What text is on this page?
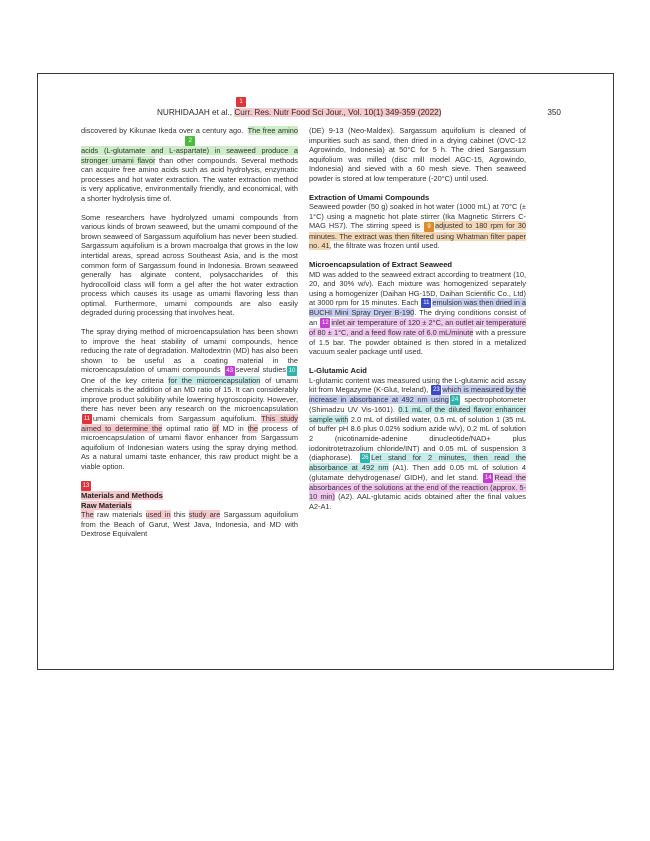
1
NURHIDAJAH et al., Curr. Res. Nutr Food Sci Jour., Vol. 10(1) 349-359 (2022)	350

discovered by Kikunae Ikeda over a century ago.2 The free amino acids (L-glutamate and L-aspartate) in seaweed produce a stronger umami flavor than other compounds. Several methods can acquire free amino acids such as acid hydrolysis, enzymatic processes and hot water extraction. The water extraction method is very applicative, environmentally friendly, and economical, with a shorter hydrolysis time of.

Some researchers have hydrolyzed umami compounds from various kinds of brown seaweed, but the umami compound of the brown seaweed of Sargassum aquifolium has never been studied. Sargassum aquifolium is a brown macroalga that grows in the low intertidal areas, spread across Southeast Asia, and is the most common form of Sargassum found in Indonesia. Brown seaweed generally has alginate content, polysaccharides of this hydrocolloid class will form a gel after the hot water extraction process which causes its usage as umami flavoring less than optimal. Furthermore, umami compounds are also easily degraded during processing that involves heat.

The spray drying method of microencapsulation has been shown to improve the heat stability of umami compounds, hence reducing the rate of degradation. Maltodextrin (MD) has also been shown to be useful as a coating material in the microencapsulation of umami compounds 43 several studies 10 One of the key criteria for the microencapsulation of umami chemicals is the addition of an MD ratio of 15. It can considerably improve product solubility while lowering hygroscopicity. However, there has never been any research on the microencapsulation 11 umami chemicals from Sargassum aquifolium. This study aimed to determine the optimal ratio of MD in the process of microencapsulation of umami flavor enhancer from Sargassum aquifolium of Indonesian waters using the spray drying method. As a natural umami taste enhancer, this raw product might be a viable option.

13
Materials and Methods
Raw Materials

The raw materials used in this study are Sargassum aquifolium from the Beach of Garut, West Java, Indonesia, and MD with Dextrose Equivalent

(DE) 9-13 (Neo-Maldex). Sargassum aquifolium is cleaned of impurities such as sand, then dried in a drying cabinet (OVC-12 Agrowindo, Indonesia) at 50°C for 5 h. The dried Sargassum aquifolium was milled (disc mill model AGC-15, Agrowindo, Indonesia) and sieved with a 60 mesh sieve. Then seaweed powder is stored at low temperature (-20°C) until used.

Extraction of Umami Compounds

Seaweed powder (50 g) soaked in hot water (1000 mL) at 70°C (± 1°C) using a magnetic hot plate stirrer (Ika Magnetic Stirrers C-MAG HS7). The stirring speed is 9 adjusted to 180 rpm for 30 minutes. The extract was then filtered using Whatman filter paper no. 41, the filtrate was frozen until used.

Microencapsulation of Extract Seaweed

MD was added to the seaweed extract according to treatment (10, 20, and 30% w/v). Each mixture was homogenized separately using a homogenizer (Daihan HG-15D, Daihan Scientific Co., Ltd) at 3000 rpm for 15 minutes. Each 11 emulsion was then dried in a BUCHI Mini Spray Dryer B-190. The drying conditions consist of an 12 inlet air temperature of 120 ± 2°C, an outlet air temperature of 80 ± 1°C, and a feed flow rate of 6.0 mL/minute with a pressure of 1.5 bar. The powder obtained is then stored in a metalized vacuum sealer package until used.

L-Glutamic Acid

L-glutamic content was measured using the L-glutamic acid assay kit from Megazyme (K-Glut, Ireland), 23 which is measured by the increase in absorbance at 492 nm using 24 spectrophotometer (Shimadzu UV Vis-1601). 0.1 mL of the diluted flavor enhancer sample with 2.0 mL of distilled water, 0.5 mL of solution 1 (35 mL of buffer pH 8.6 plus 0.02% sodium azide w/v), 0.2 mL of solution 2 (nicotinamide-adenine dinucleotide/NAD+ plus iodonitrotetrazolium chloride/INT) and 0.05 mL of suspension 3 (diaphorase). 26 Let stand for 2 minutes, then read the absorbance at 492 nm (A1). Then add 0.05 mL of solution 4 (glutamate dehydrogenase/ GIDH), and let stand. 14 Read the absorbances of the solutions at the end of the reaction (approx. 5-10 min) (A2). AAL-glutamic acids obtained after the final values A2-A1.
